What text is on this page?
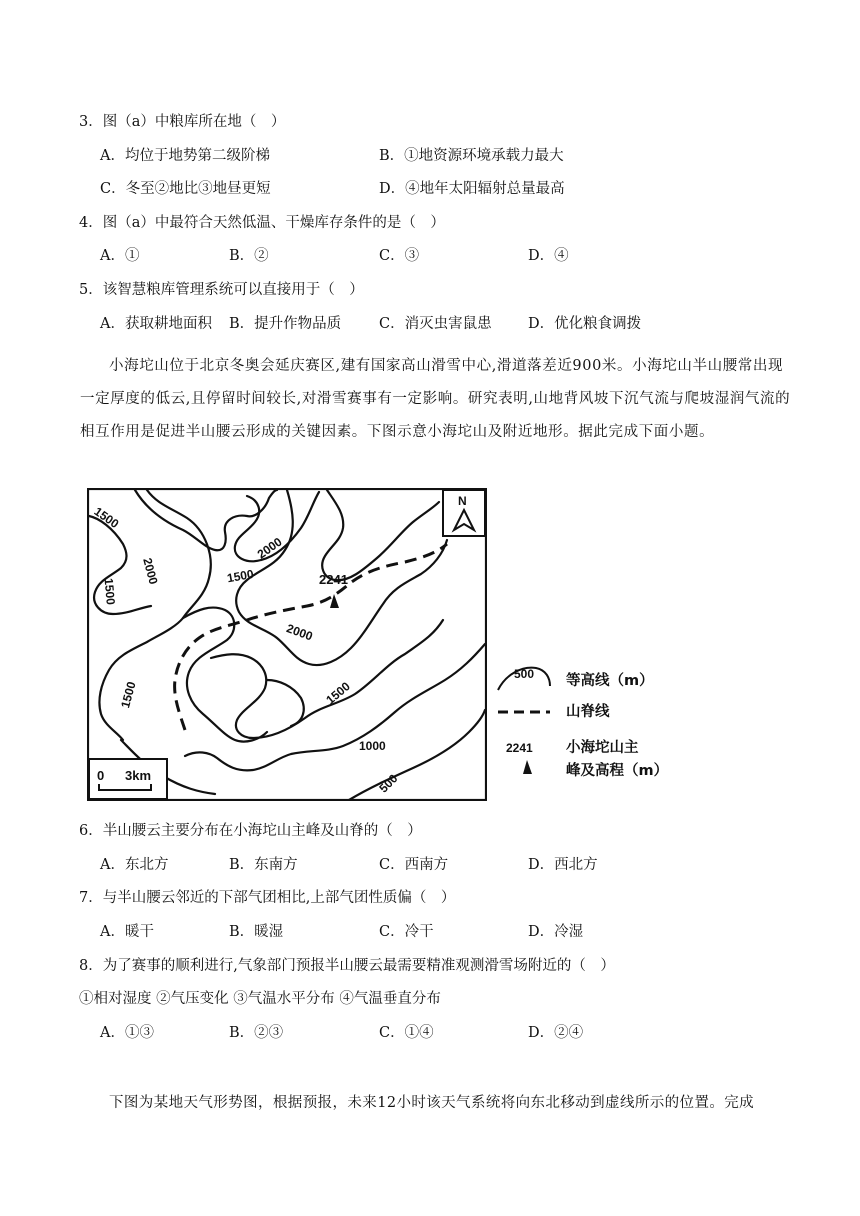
3．图（a）中粮库所在地（　）
A．均位于地势第二级阶梯	B．①地资源环境承载力最大
C．冬至②地比③地昼更短	D．④地年太阳辐射总量最高
4．图（a）中最符合天然低温、干燥库存条件的是（　）
A．①	B．②	C．③	D．④
5．该智慧粮库管理系统可以直接用于（　）
A．获取耕地面积 B．提升作物品质	C．消灭虫害鼠患	D．优化粮食调拨
小海坨山位于北京冬奥会延庆赛区,建有国家高山滑雪中心,滑道落差近900米。小海坨山半山腰常出现一定厚度的低云,且停留时间较长,对滑雪赛事有一定影响。研究表明,山地背风坡下沉气流与爬坡湿润气流的相互作用是促进半山腰云形成的关键因素。下图示意小海坨山及附近地形。据此完成下面小题。
2241
N
1500
2000
1500
2000
1500
2000
1500	1500
1000
500
0 3km
500
2241
等高线（m）
山脊线
小海坨山主
峰及高程（m）
6．半山腰云主要分布在小海坨山主峰及山脊的（　）
A．东北方	B．东南方	C．西南方	D．西北方
7．与半山腰云邻近的下部气团相比,上部气团性质偏（　）
A．暖干	B．暖湿	C．冷干	D．冷湿
8．为了赛事的顺利进行,气象部门预报半山腰云最需要精准观测滑雪场附近的（　）
①相对湿度 ②气压变化 ③气温水平分布 ④气温垂直分布
A．①③	B．②③	C．①④	D．②④
下图为某地天气形势图，根据预报，未来12小时该天气系统将向东北移动到虚线所示的位置。完成
